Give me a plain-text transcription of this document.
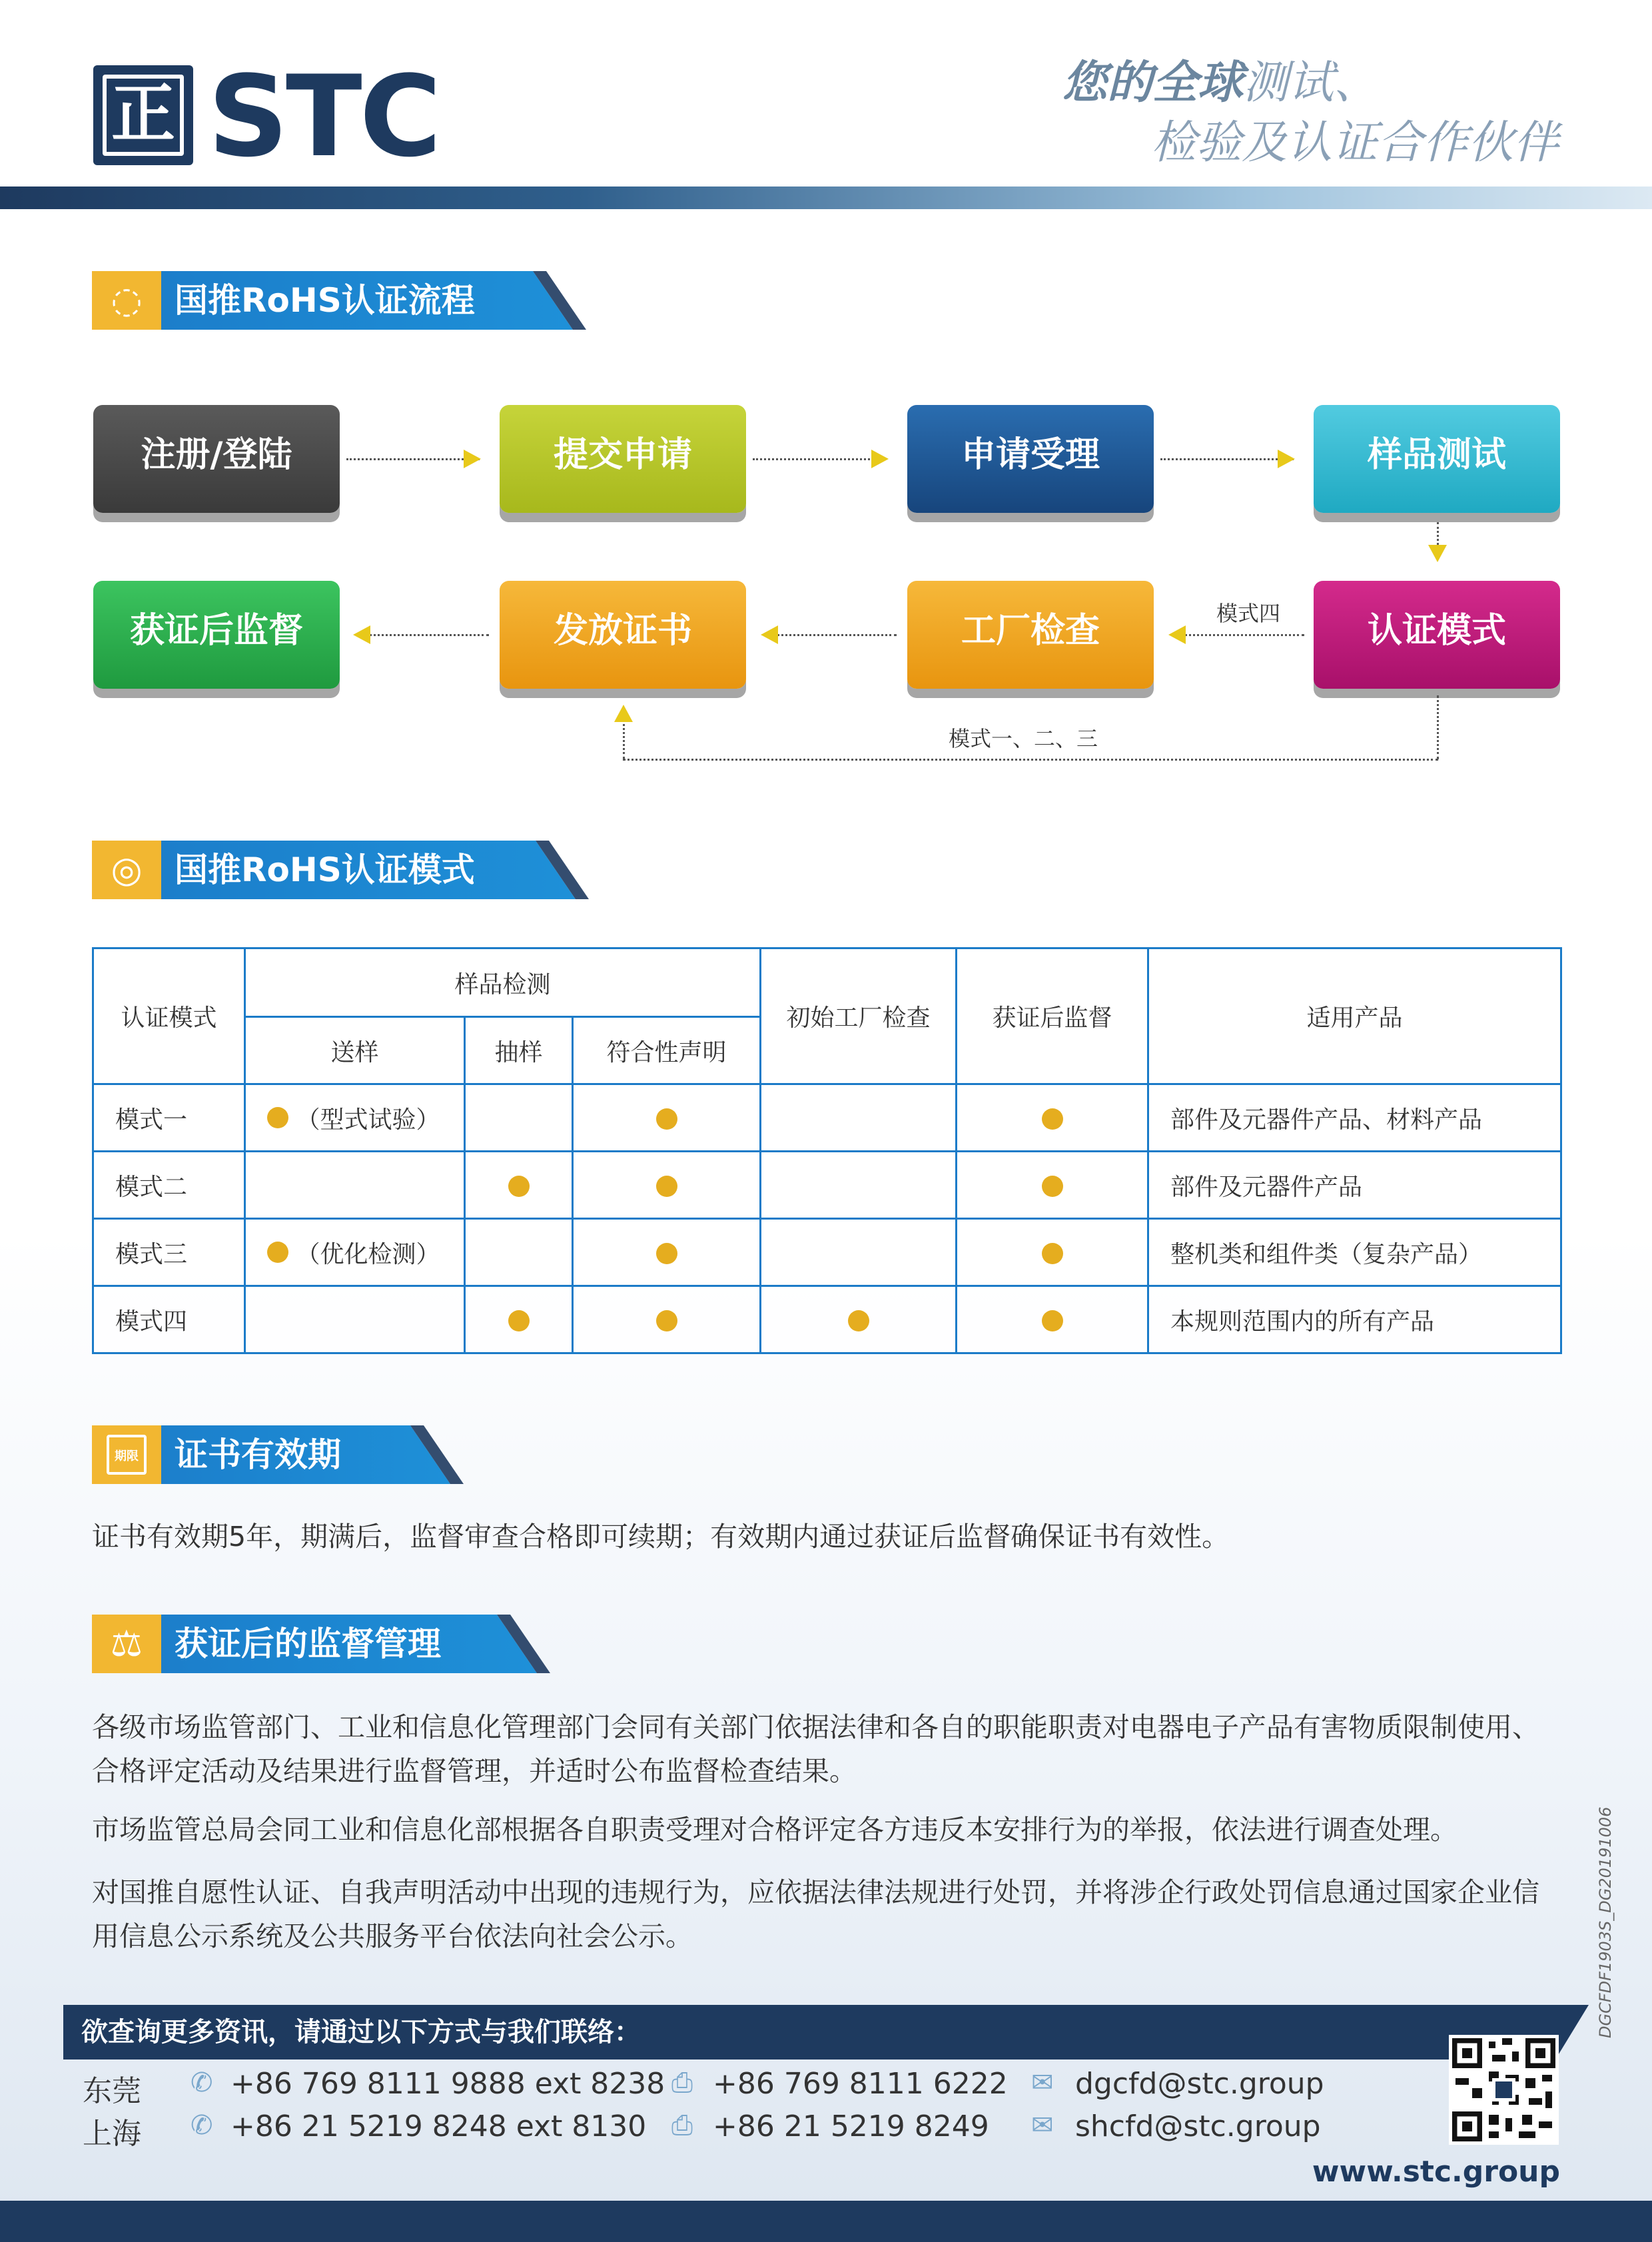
正 STC	您的全球测试、
检验及认证合作伙伴
◌ 国推RoHS认证流程
注册/登陆	提交申请	申请受理	样品测试
获证后监督	发放证书	工厂检查	认证模式
模式四
模式一、二、三
◎ 国推RoHS认证模式
认证模式	样品检测			初始工厂检查	获证后监督	适用产品
	送样	抽样	符合性声明			
模式一	（型式试验）					部件及元器件产品、材料产品
模式二						部件及元器件产品
模式三	（优化检测）					整机类和组件类（复杂产品）
模式四						本规则范围内的所有产品
期限 证书有效期
证书有效期5年，期满后，监督审查合格即可续期；有效期内通过获证后监督确保证书有效性。
⚖ 获证后的监督管理
各级市场监管部门、工业和信息化管理部门会同有关部门依据法律和各自的职能职责对电器电子产品有害物质限制使用、合格评定活动及结果进行监督管理，并适时公布监督检查结果。
市场监管总局会同工业和信息化部根据各自职责受理对合格评定各方违反本安排行为的举报，依法进行调查处理。
对国推自愿性认证、自我声明活动中出现的违规行为，应依据法律法规进行处罚，并将涉企行政处罚信息通过国家企业信用信息公示系统及公共服务平台依法向社会公示。
欲查询更多资讯，请通过以下方式与我们联络：
东莞 ✆ +86 769 8111 9888 ext 8238 ⎙ +86 769 8111 6222 ✉ dgcfd@stc.group
上海 ✆ +86 21 5219 8248 ext 8130 ⎙ +86 21 5219 8249 ✉ shcfd@stc.group
www.stc.group
DGCFDF1903S_DG20191006
